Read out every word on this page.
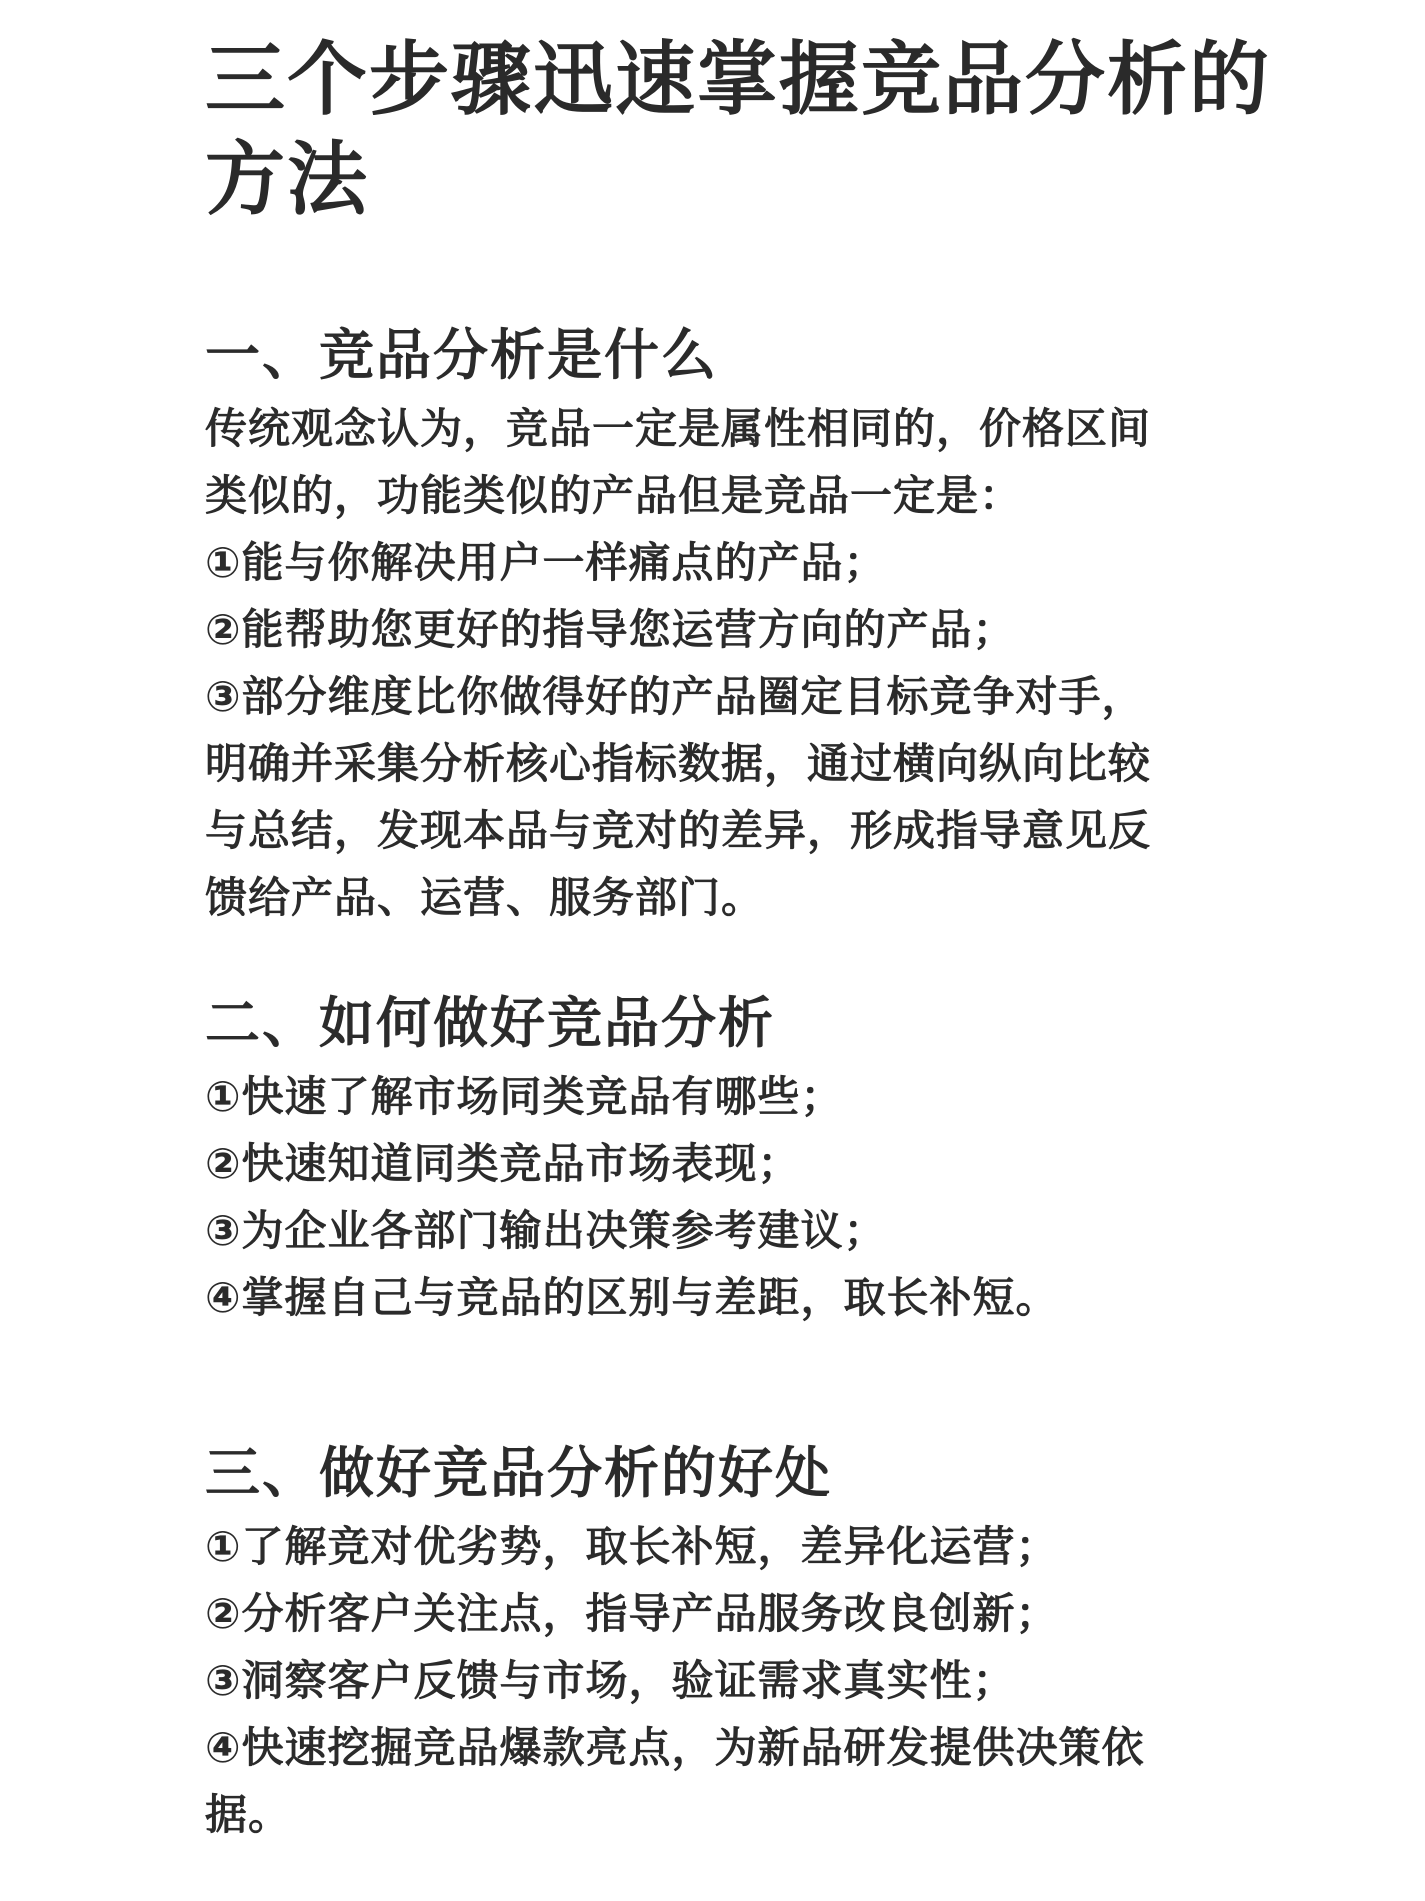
三个步骤迅速掌握竞品分析的
方法
一、竞品分析是什么
传统观念认为，竞品一定是属性相同的，价格区间
类似的，功能类似的产品但是竞品一定是：
①能与你解决用户一样痛点的产品；
②能帮助您更好的指导您运营方向的产品；
③部分维度比你做得好的产品圈定目标竞争对手，
明确并采集分析核心指标数据，通过横向纵向比较
与总结，发现本品与竞对的差异，形成指导意见反
馈给产品、运营、服务部门。
二、如何做好竞品分析
①快速了解市场同类竞品有哪些；
②快速知道同类竞品市场表现；
③为企业各部门输出决策参考建议；
④掌握自己与竞品的区别与差距，取长补短。
三、做好竞品分析的好处
①了解竞对优劣势，取长补短，差异化运营；
②分析客户关注点，指导产品服务改良创新；
③洞察客户反馈与市场，验证需求真实性；
④快速挖掘竞品爆款亮点，为新品研发提供决策依
据。
